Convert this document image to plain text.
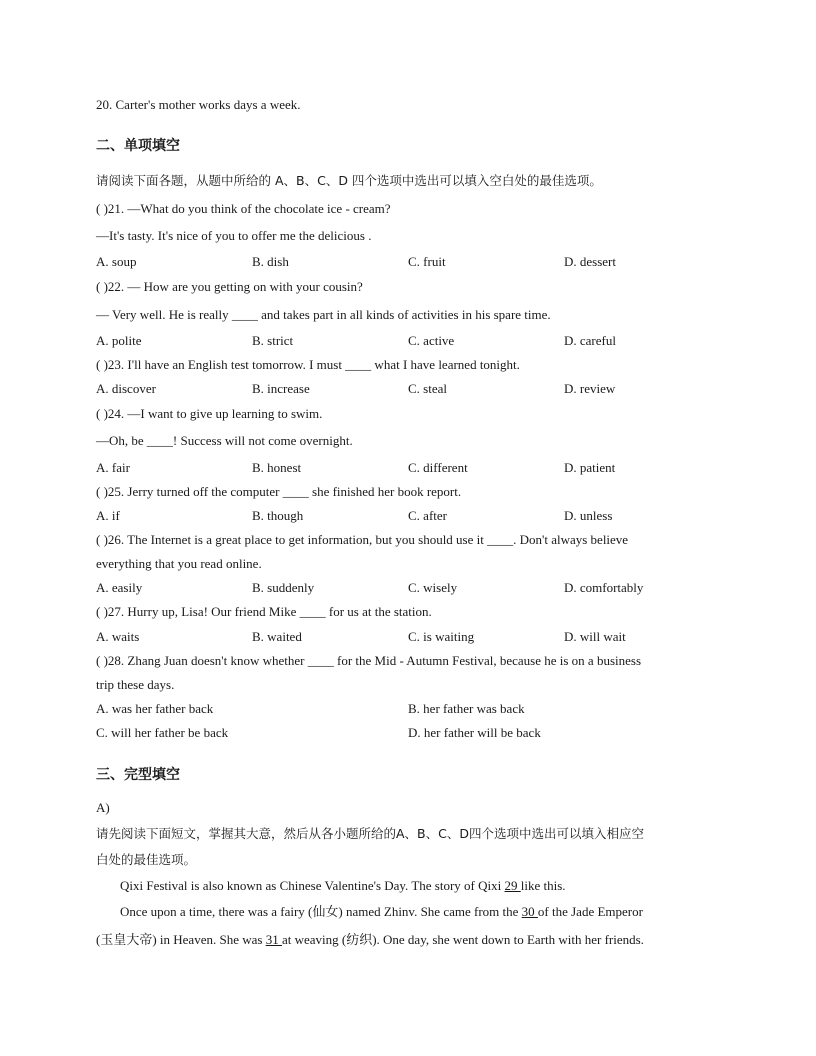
20. Carter's mother works days a week.
二、单项填空
请阅读下面各题，从题中所给的 A、B、C、D 四个选项中选出可以填入空白处的最佳选项。
( )21. —What do you think of the chocolate ice - cream?
—It's tasty. It's nice of you to offer me the delicious .
A. soup	B. dish	C. fruit	D. dessert
( )22. — How are you getting on with your cousin?
— Very well. He is really ____ and takes part in all kinds of activities in his spare time.
A. polite	B. strict	C. active	D. careful
( )23. I'll have an English test tomorrow. I must ____ what I have learned tonight.
A. discover	B. increase	C. steal	D. review
( )24. —I want to give up learning to swim.
—Oh, be ____! Success will not come overnight.
A. fair	B. honest	C. different	D. patient
( )25. Jerry turned off the computer ____ she finished her book report.
A. if	B. though	C. after	D. unless
( )26. The Internet is a great place to get information, but you should use it ____. Don't always believe
everything that you read online.
A. easily	B. suddenly	C. wisely	D. comfortably
( )27. Hurry up, Lisa! Our friend Mike ____ for us at the station.
A. waits	B. waited	C. is waiting	D. will wait
( )28. Zhang Juan doesn't know whether ____ for the Mid - Autumn Festival, because he is on a business
trip these days.
A. was her father back	B. her father was back
C. will her father be back	D. her father will be back
三、完型填空
A)
请先阅读下面短文，掌握其大意，然后从各小题所给的A、B、C、D四个选项中选出可以填入相应空
白处的最佳选项。
Qixi Festival is also known as Chinese Valentine's Day. The story of Qixi 29 like this.
Once upon a time, there was a fairy (仙女) named Zhinv. She came from the 30 of the Jade Emperor
(玉皇大帝) in Heaven. She was 31 at weaving (纺织). One day, she went down to Earth with her friends.
